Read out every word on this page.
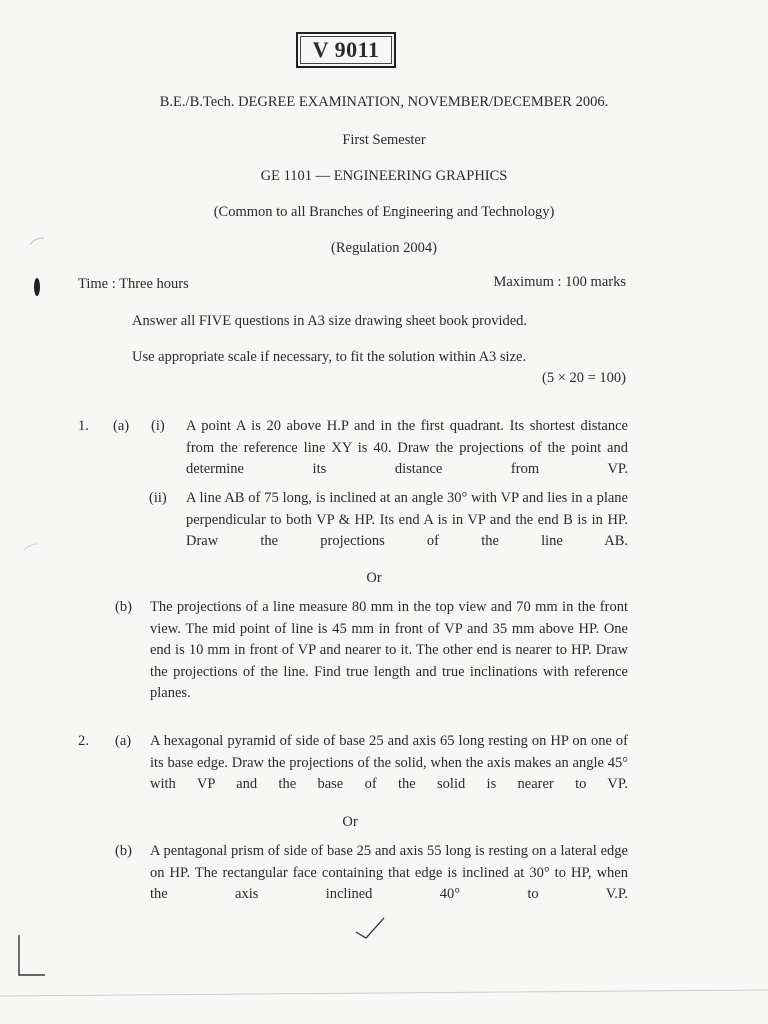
V 9011
B.E./B.Tech. DEGREE EXAMINATION, NOVEMBER/DECEMBER 2006.
First Semester
GE 1101 — ENGINEERING GRAPHICS
(Common to all Branches of Engineering and Technology)
(Regulation 2004)
Time : Three hours	Maximum : 100 marks
Answer all FIVE questions in A3 size drawing sheet book provided.
Use appropriate scale if necessary, to fit the solution within A3 size.
(5 × 20 = 100)
1. (a) (i) A point A is 20 above H.P and in the first quadrant. Its shortest distance from the reference line XY is 40. Draw the projections of the point and determine its distance from VP.
(ii) A line AB of 75 long, is inclined at an angle 30° with VP and lies in a plane perpendicular to both VP & HP. Its end A is in VP and the end B is in HP. Draw the projections of the line AB.
Or
(b) The projections of a line measure 80 mm in the top view and 70 mm in the front view. The mid point of line is 45 mm in front of VP and 35 mm above HP. One end is 10 mm in front of VP and nearer to it. The other end is nearer to HP. Draw the projections of the line. Find true length and true inclinations with reference planes.
2. (a) A hexagonal pyramid of side of base 25 and axis 65 long resting on HP on one of its base edge. Draw the projections of the solid, when the axis makes an angle 45° with VP and the base of the solid is nearer to VP.
Or
(b) A pentagonal prism of side of base 25 and axis 55 long is resting on a lateral edge on HP. The rectangular face containing that edge is inclined at 30° to HP, when the axis inclined 40° to V.P.
